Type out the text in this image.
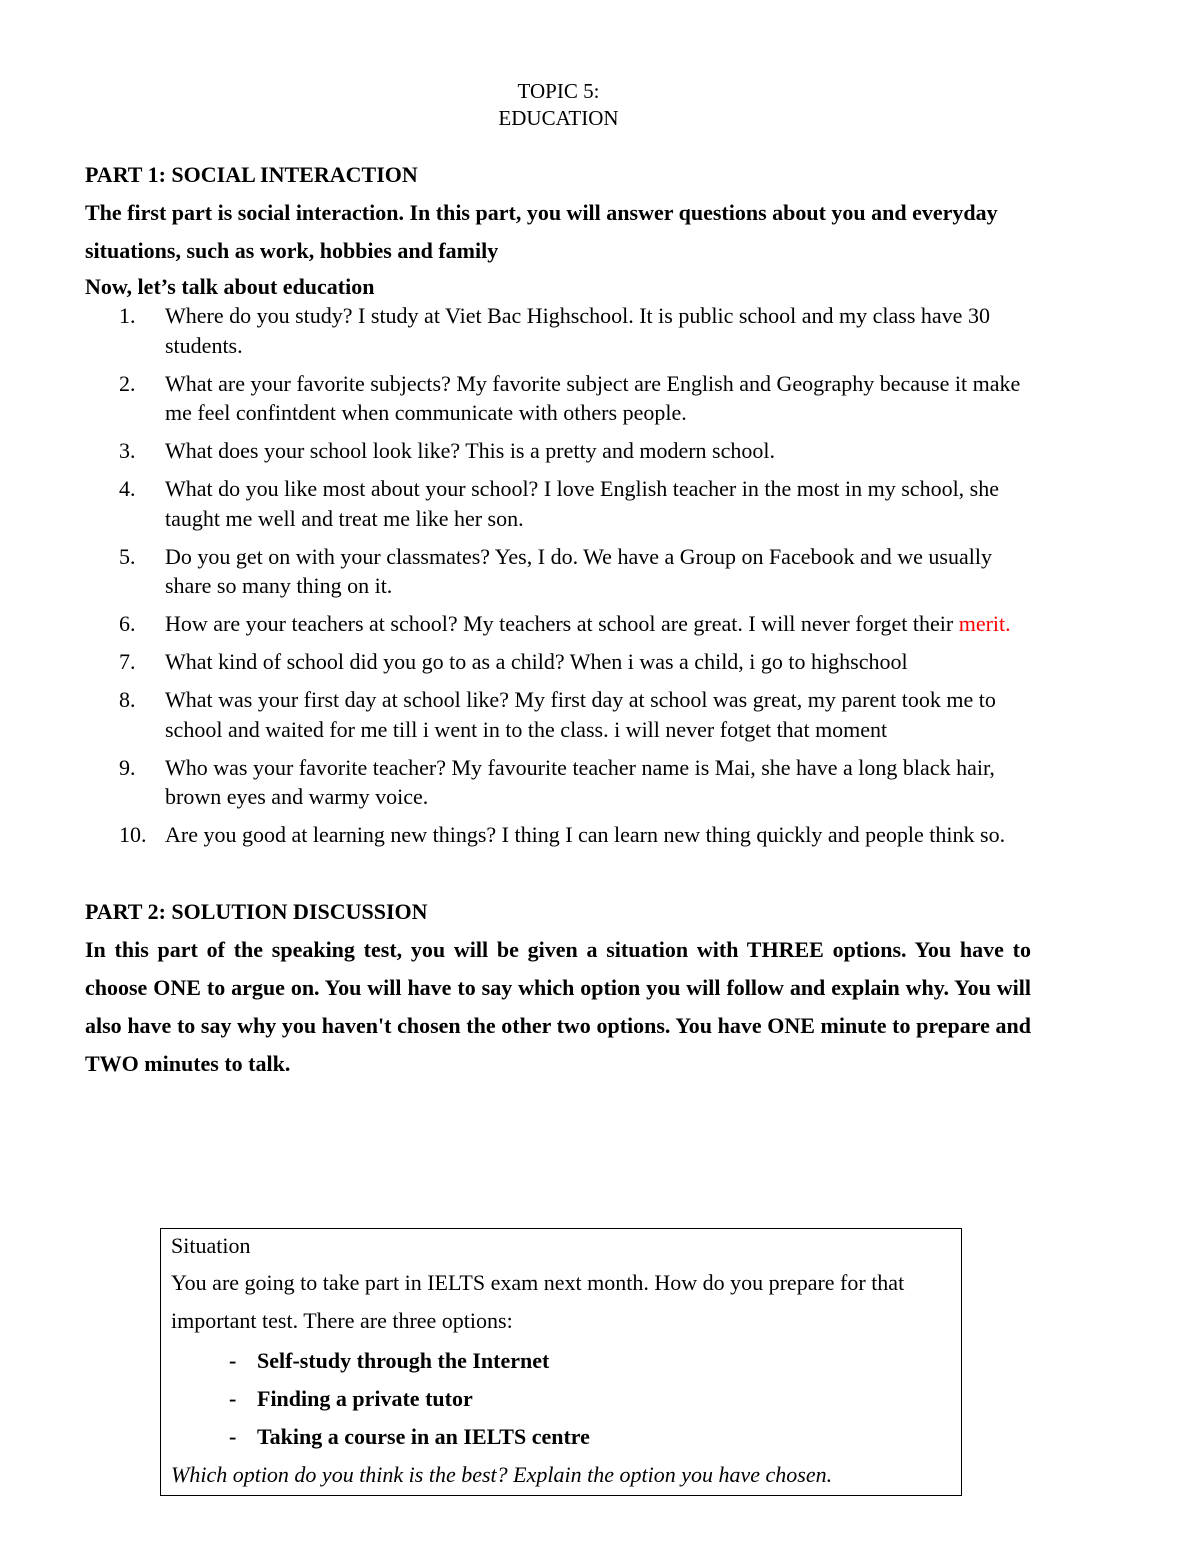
TOPIC 5:
EDUCATION
PART 1: SOCIAL INTERACTION
The first part is social interaction. In this part, you will answer questions about you and everyday situations, such as work, hobbies and family
Now, let’s talk about education
1. Where do you study? I study at Viet Bac Highschool. It is public school and my class have 30 students.
2. What are your favorite subjects? My favorite subject are English and Geography because it make me feel confintdent when communicate with others people.
3. What does your school look like? This is a pretty and modern school.
4. What do you like most about your school? I love English teacher in the most in my school, she taught me well and treat me like her son.
5. Do you get on with your classmates? Yes, I do. We have a Group on Facebook and we usually share so many thing on it.
6. How are your teachers at school? My teachers at school are great. I will never forget their merit.
7. What kind of school did you go to as a child? When i was a child, i go to highschool
8. What was your first day at school like? My first day at school was great, my parent took me to school and waited for me till i went in to the class. i will never fotget that moment
9. Who was your favorite teacher? My favourite teacher name is Mai, she have a long black hair, brown eyes and warmy voice.
10. Are you good at learning new things? I thing I can learn new thing quickly and people think so.
PART 2: SOLUTION DISCUSSION
In this part of the speaking test, you will be given a situation with THREE options. You have to choose ONE to argue on. You will have to say which option you will follow and explain why. You will also have to say why you haven't chosen the other two options. You have ONE minute to prepare and TWO minutes to talk.
Situation
You are going to take part in IELTS exam next month. How do you prepare for that important test. There are three options:
- Self-study through the Internet
- Finding a private tutor
- Taking a course in an IELTS centre
Which option do you think is the best? Explain the option you have chosen.
